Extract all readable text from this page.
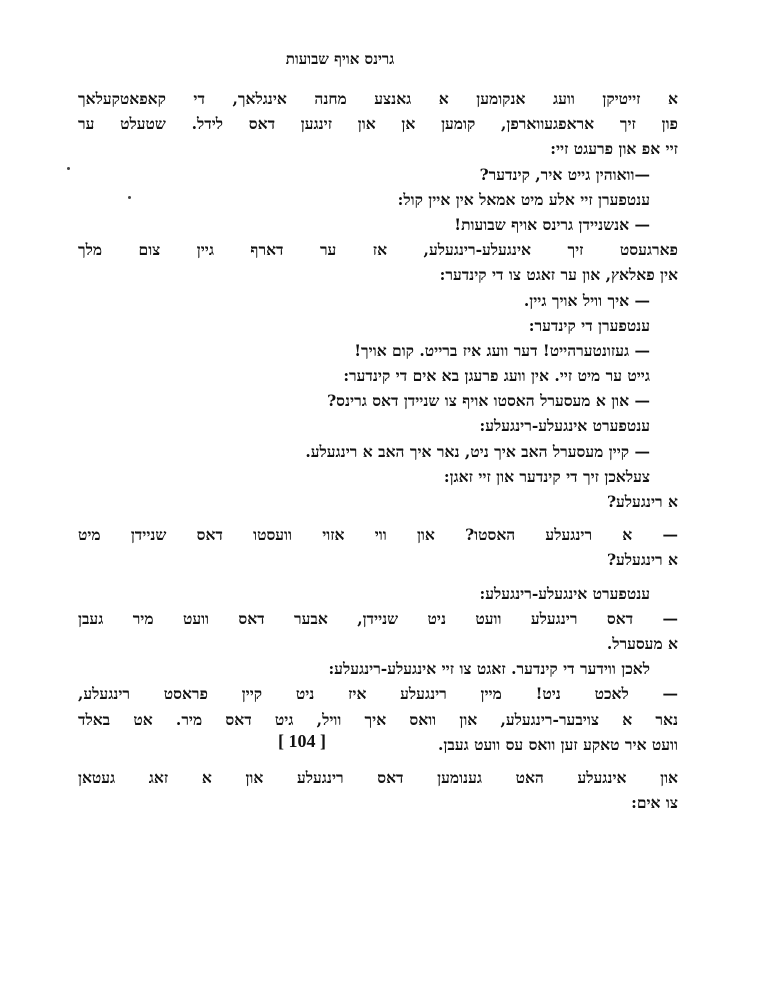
גרינס אויף שבועות
א זייטיקן וועג אנקומען א גאנצע מחנה אינגלאך, די קאפאטקעלאך
פון זיך אראפגעווארפן, קומען אן און זינגען דאס לידל. שטעלט ער
זיי אפ און פרעגט זיי:
—וואוהין גייט איר, קינדער?
ענטפערן זיי אלע מיט אמאל אין איין קול:
— אנשניידן גרינס אויף שבועות!
פארגעסט זיך אינגעלע-רינגעלע, אז ער דארף גיין צום מלך
אין פאלאץ, און ער זאגט צו די קינדער:
— איך וויל אויך גיין.
ענטפערן די קינדער:
— געזונטערהייט! דער וועג איז ברייט. קום אויך!
גייט ער מיט זיי. אין וועג פרעגן בא אים די קינדער:
— און א מעסערל האסטו אויף צו שניידן דאס גרינס?
ענטפערט אינגעלע-רינגעלע:
— קיין מעסערל האב איך ניט, נאר איך האב א רינגעלע.
צעלאכן זיך די קינדער און זיי זאגן:
א רינגעלע?
— א רינגעלע האסטו? און ווי אזוי וועסטו דאס שניידן מיט
א רינגעלע?
ענטפערט אינגעלע-רינגעלע:
— דאס רינגעלע וועט ניט שניידן, אבער דאס וועט מיר געבן
א מעסערל.
לאכן ווידער די קינדער. זאגט צו זיי אינגעלע-רינגעלע:
— לאכט ניט! מיין רינגעלע איז ניט קיין פראסט רינגעלע,
נאר א צויבער-רינגעלע, און וואס איך וויל, גיט דאס מיר. אט באלד
וועט איר טאקע זען וואס עס וועט געבן.
און אינגעלע האט גענומען דאס רינגעלע און א זאג געטאן
צו אים:
[ 104 ]
